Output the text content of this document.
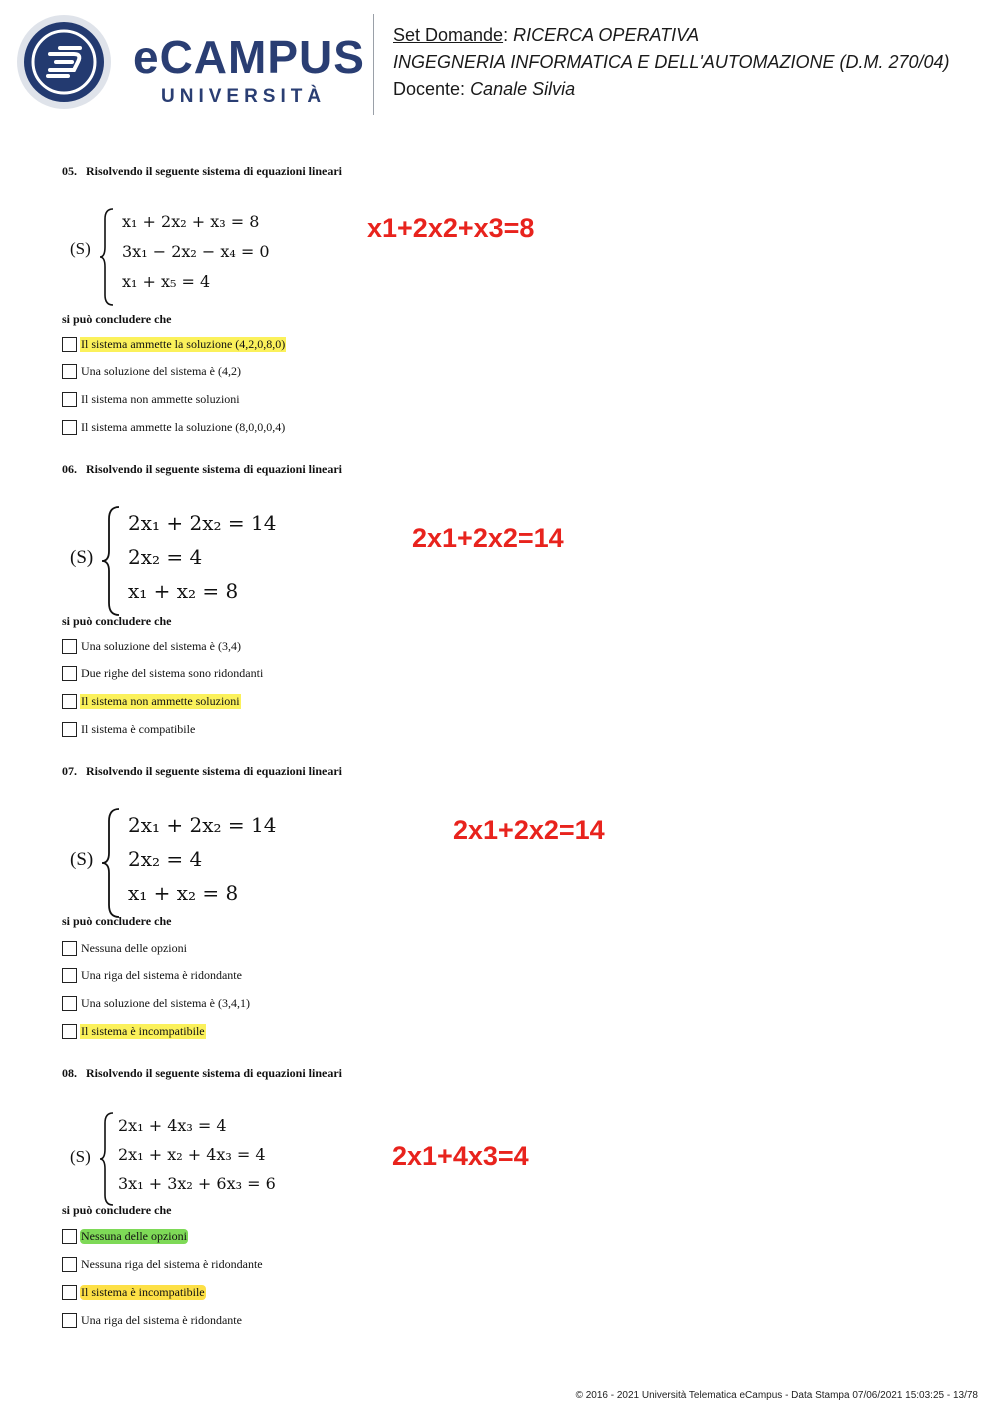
eCAMPUS
UNIVERSITÀ
Set Domande: RICERCA OPERATIVA
INGEGNERIA INFORMATICA E DELL'AUTOMAZIONE (D.M. 270/04)
Docente: Canale Silvia
05. Risolvendo il seguente sistema di equazioni lineari
(S)
x₁ + 2x₂ + x₃ = 8
3x₁ − 2x₂ − x₄ = 0
x₁ + x₅ = 4
x1+2x2+x3=8
si può concludere che
Il sistema ammette la soluzione (4,2,0,8,0)
Una soluzione del sistema è (4,2)
Il sistema non ammette soluzioni
Il sistema ammette la soluzione (8,0,0,0,4)
06. Risolvendo il seguente sistema di equazioni lineari
(S)
2x₁ + 2x₂ = 14
2x₂ = 4
x₁ + x₂ = 8
2x1+2x2=14
si può concludere che
Una soluzione del sistema è (3,4)
Due righe del sistema sono ridondanti
Il sistema non ammette soluzioni
Il sistema è compatibile
07. Risolvendo il seguente sistema di equazioni lineari
(S)
2x₁ + 2x₂ = 14
2x₂ = 4
x₁ + x₂ = 8
2x1+2x2=14
si può concludere che
Nessuna delle opzioni
Una riga del sistema è ridondante
Una soluzione del sistema è (3,4,1)
Il sistema è incompatibile
08. Risolvendo il seguente sistema di equazioni lineari
(S)
2x₁ + 4x₃ = 4
2x₁ + x₂ + 4x₃ = 4
3x₁ + 3x₂ + 6x₃ = 6
2x1+4x3=4
si può concludere che
Nessuna delle opzioni
Nessuna riga del sistema è ridondante
Il sistema è incompatibile
Una riga del sistema è ridondante
© 2016 - 2021 Università Telematica eCampus - Data Stampa 07/06/2021 15:03:25 - 13/78
